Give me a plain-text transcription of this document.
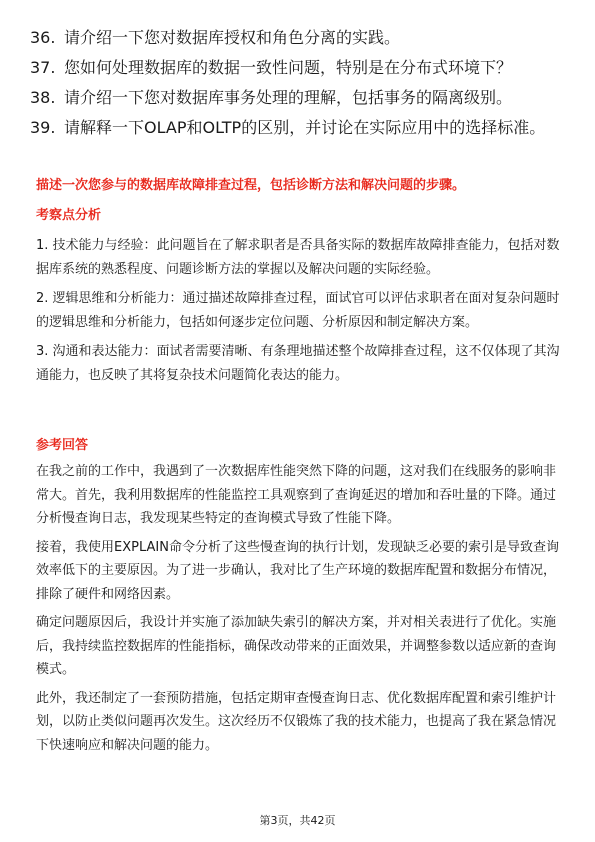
36. 请介绍一下您对数据库授权和角色分离的实践。
37. 您如何处理数据库的数据一致性问题，特别是在分布式环境下？
38. 请介绍一下您对数据库事务处理的理解，包括事务的隔离级别。
39. 请解释一下OLAP和OLTP的区别，并讨论在实际应用中的选择标准。
描述一次您参与的数据库故障排查过程，包括诊断方法和解决问题的步骤。
考察点分析
1. 技术能力与经验：此问题旨在了解求职者是否具备实际的数据库故障排查能力，包括对数据库系统的熟悉程度、问题诊断方法的掌握以及解决问题的实际经验。
2. 逻辑思维和分析能力：通过描述故障排查过程，面试官可以评估求职者在面对复杂问题时的逻辑思维和分析能力，包括如何逐步定位问题、分析原因和制定解决方案。
3. 沟通和表达能力：面试者需要清晰、有条理地描述整个故障排查过程，这不仅体现了其沟通能力，也反映了其将复杂技术问题简化表达的能力。
参考回答
在我之前的工作中，我遇到了一次数据库性能突然下降的问题，这对我们在线服务的影响非常大。首先，我利用数据库的性能监控工具观察到了查询延迟的增加和吞吐量的下降。通过分析慢查询日志，我发现某些特定的查询模式导致了性能下降。
接着，我使用EXPLAIN命令分析了这些慢查询的执行计划，发现缺乏必要的索引是导致查询效率低下的主要原因。为了进一步确认，我对比了生产环境的数据库配置和数据分布情况，排除了硬件和网络因素。
确定问题原因后，我设计并实施了添加缺失索引的解决方案，并对相关表进行了优化。实施后，我持续监控数据库的性能指标，确保改动带来的正面效果，并调整参数以适应新的查询模式。
此外，我还制定了一套预防措施，包括定期审查慢查询日志、优化数据库配置和索引维护计划，以防止类似问题再次发生。这次经历不仅锻炼了我的技术能力，也提高了我在紧急情况下快速响应和解决问题的能力。
第3页，共42页
